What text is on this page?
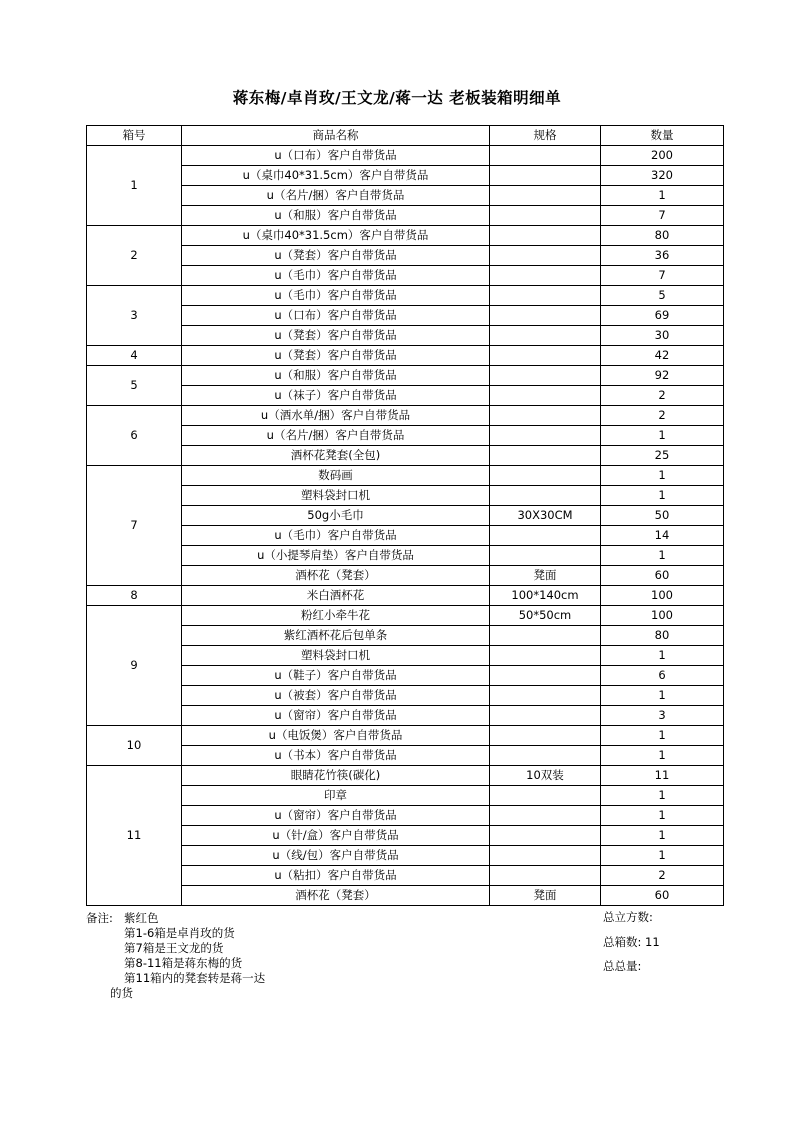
蒋东梅/卓肖玫/王文龙/蒋一达 老板装箱明细单
箱号	商品名称	规格	数量
1	u（口布）客户自带货品		200
	u（桌巾40*31.5cm）客户自带货品		320
	u（名片/捆）客户自带货品		1
	u（和服）客户自带货品		7
2	u（桌巾40*31.5cm）客户自带货品		80
	u（凳套）客户自带货品		36
	u（毛巾）客户自带货品		7
3	u（毛巾）客户自带货品		5
	u（口布）客户自带货品		69
	u（凳套）客户自带货品		30
4	u（凳套）客户自带货品		42
5	u（和服）客户自带货品		92
	u（袜子）客户自带货品		2
6	u（酒水单/捆）客户自带货品		2
	u（名片/捆）客户自带货品		1
	酒杯花凳套(全包)		25
7	数码画		1
	塑料袋封口机		1
	50g小毛巾	30X30CM	50
	u（毛巾）客户自带货品		14
	u（小提琴肩垫）客户自带货品		1
	酒杯花（凳套）	凳面	60
8	米白酒杯花	100*140cm	100
9	粉红小牵牛花	50*50cm	100
	紫红酒杯花后包单条		80
	塑料袋封口机		1
	u（鞋子）客户自带货品		6
	u（被套）客户自带货品		1
	u（窗帘）客户自带货品		3
10	u（电饭煲）客户自带货品		1
	u（书本）客户自带货品		1
11	眼睛花竹筷(碳化)	10双装	11
	印章		1
	u（窗帘）客户自带货品		1
	u（针/盒）客户自带货品		1
	u（线/包）客户自带货品		1
	u（粘扣）客户自带货品		2
	酒杯花（凳套）	凳面	60
备注: 紫红色
第1-6箱是卓肖玫的货
第7箱是王文龙的货
第8-11箱是蒋东梅的货
第11箱内的凳套转是蒋一达
的货
总立方数:
总箱数: 11
总总量:
